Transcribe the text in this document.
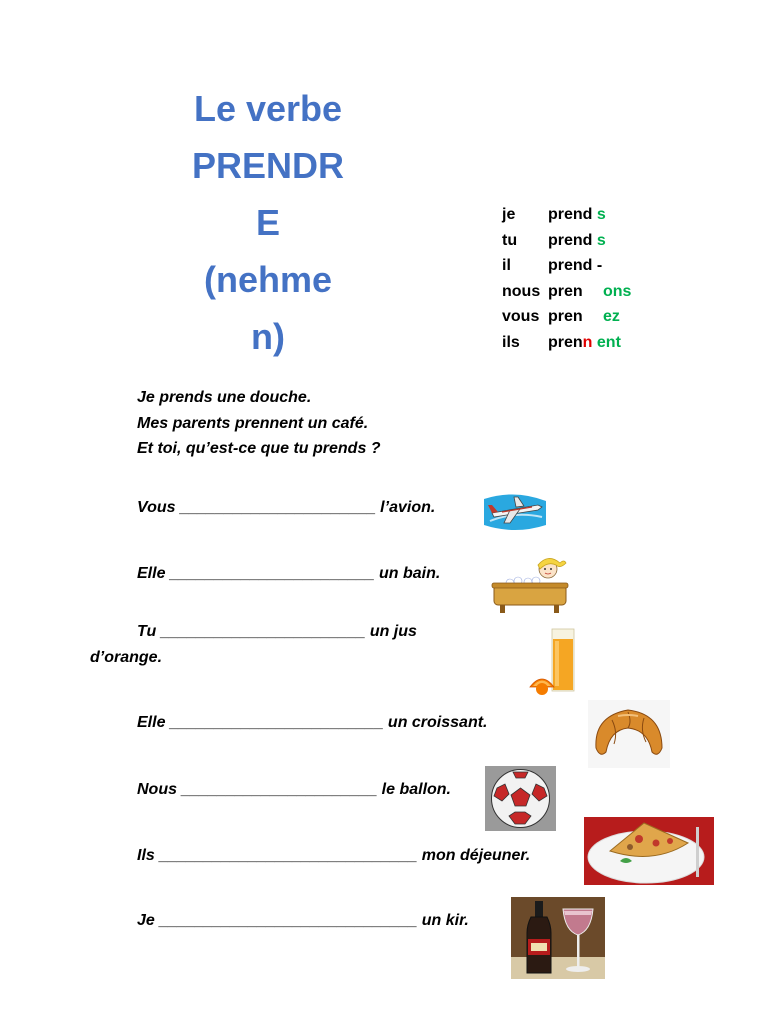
Le verbe
PRENDR
E
(nehme
n)
je prend s
tu prend s
il prend -
nous pren ons
vous pren ez
ils prenn ent
Je prends une douche.
Mes parents prennent un café.
Et toi, qu’est-ce que tu prends ?
Vous ______________________ l’avion.
Elle _______________________ un bain.
Tu _______________________ un jus
d’orange.
Elle ________________________ un croissant.
Nous ______________________ le ballon.
Ils _____________________________ mon déjeuner.
Je _____________________________ un kir.
